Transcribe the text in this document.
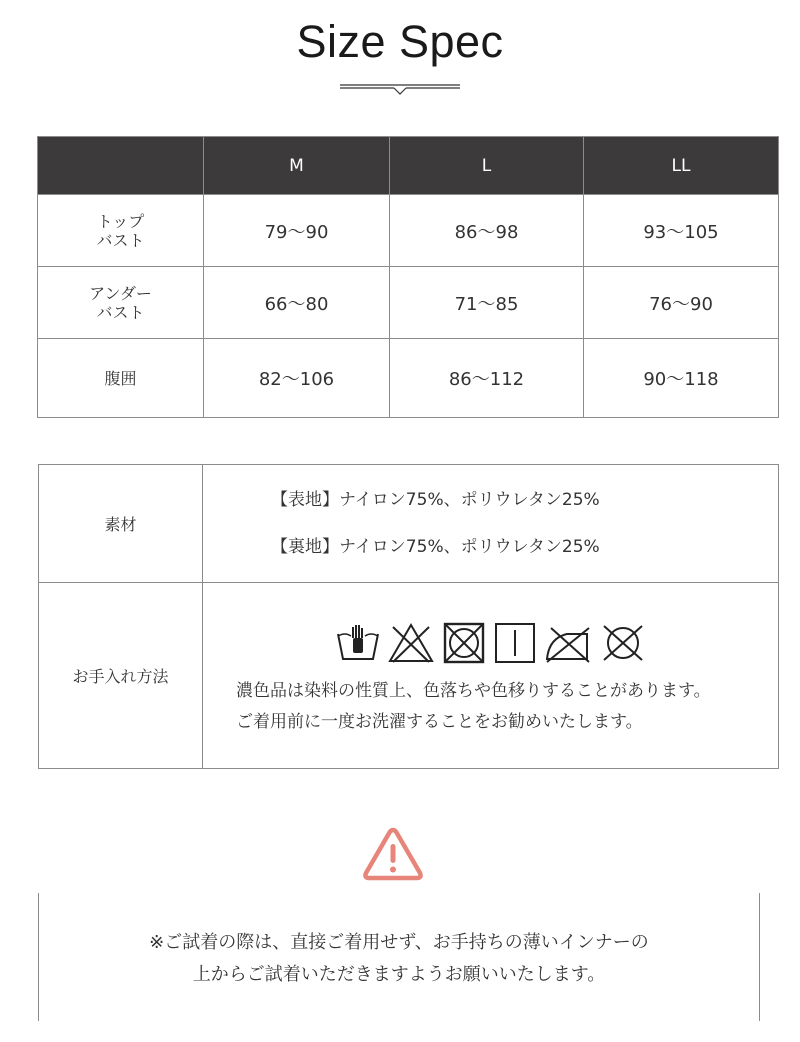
Size Spec
	M	L	LL

トップ
バスト	79〜90	86〜98	93〜105

アンダー
バスト	66〜80	71〜85	76〜90

腹囲	82〜106	86〜112	90〜118
素材	【表地】ナイロン75%、ポリウレタン25%
【裏地】ナイロン75%、ポリウレタン25%

お手入れ方法	濃色品は染料の性質上、色落ちや色移りすることがあります。
ご着用前に一度お洗濯することをお勧めいたします。
※ご試着の際は、直接ご着用せず、お手持ちの薄いインナーの
上からご試着いただきますようお願いいたします。
